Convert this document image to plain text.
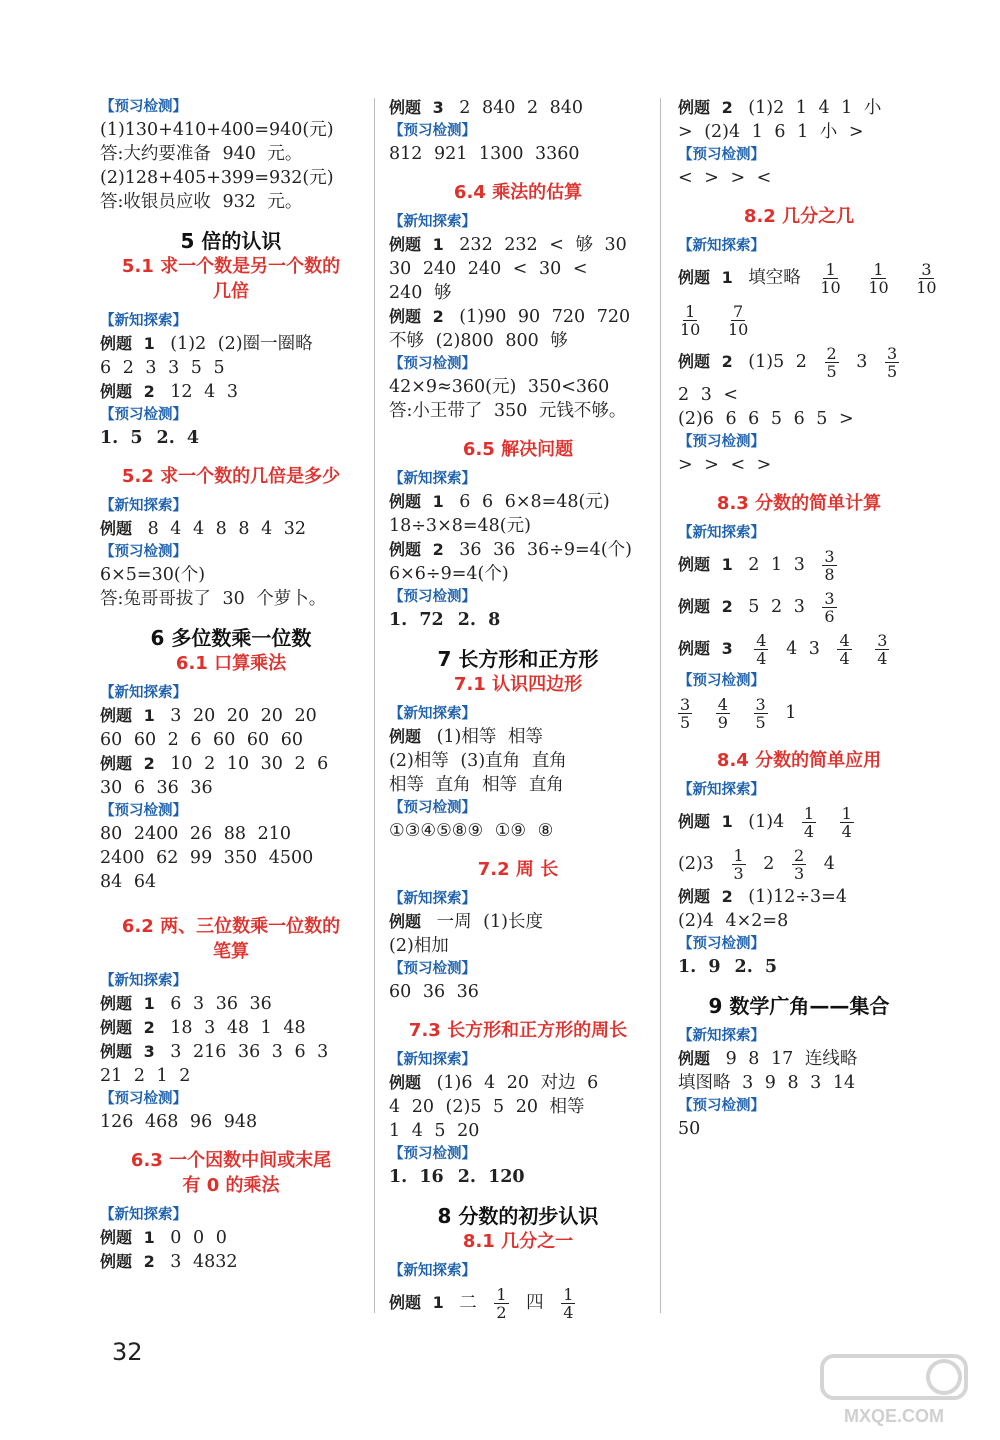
【预习检测】
(1)130+410+400=940(元)
答:大约要准备 940 元。
(2)128+405+399=932(元)
答:收银员应收 932 元。
5 倍的认识
5.1 求一个数是另一个数的
几倍
【新知探索】
例题 1 (1)2 (2)圈一圈略
6 2 3 3 5 5
例题 2 12 4 3
【预习检测】
1. 5 2. 4
5.2 求一个数的几倍是多少
【新知探索】
例题 8 4 4 8 8 4 32
【预习检测】
6×5=30(个)
答:兔哥哥拔了 30 个萝卜。
6 多位数乘一位数
6.1 口算乘法
【新知探索】
例题 1 3 20 20 20 20
60 60 2 6 60 60 60
例题 2 10 2 10 30 2 6
30 6 36 36
【预习检测】
80 2400 26 88 210
2400 62 99 350 4500
84 64
6.2 两、三位数乘一位数的
笔算
【新知探索】
例题 1 6 3 36 36
例题 2 18 3 48 1 48
例题 3 3 216 36 3 6 3
21 2 1 2
【预习检测】
126 468 96 948
6.3 一个因数中间或末尾
有 0 的乘法
【新知探索】
例题 1 0 0 0
例题 2 3 4832
例题 3 2 840 2 840
【预习检测】
812 921 1300 3360
6.4 乘法的估算
【新知探索】
例题 1 232 232 < 够 30
30 240 240 < 30 <
240 够
例题 2 (1)90 90 720 720
不够 (2)800 800 够
【预习检测】
42×9≈360(元) 350<360
答:小王带了 350 元钱不够。
6.5 解决问题
【新知探索】
例题 1 6 6 6×8=48(元)
18÷3×8=48(元)
例题 2 36 36 36÷9=4(个)
6×6÷9=4(个)
【预习检测】
1. 72 2. 8
7 长方形和正方形
7.1 认识四边形
【新知探索】
例题 (1)相等 相等
(2)相等 (3)直角 直角
相等 直角 相等 直角
【预习检测】
①③④⑤⑧⑨ ①⑨ ⑧
7.2 周 长
【新知探索】
例题 一周 (1)长度
(2)相加
【预习检测】
60 36 36
7.3 长方形和正方形的周长
【新知探索】
例题 (1)6 4 20 对边 6
4 20 (2)5 5 20 相等
1 4 5 20
【预习检测】
1. 16 2. 120
8 分数的初步认识
8.1 几分之一
【新知探索】
例题 1 二 $\frac{1}{2}$ 四 $\frac{1}{4}$
例题 2 (1)2 1 4 1 小
> (2)4 1 6 1 小 >
【预习检测】
< > > <
8.2 几分之几
【新知探索】
例题 1 填空略 $\frac{1}{10}$
$\frac{1}{10}$
$\frac{3}{10}$
$\frac{1}{10}$
$\frac{7}{10}$
例题 2 (1)5 $2 \frac{2}{5} 3 \frac{3}{5}$
2 3 <
(2)6 6 6 5 6 5 >
【预习检测】
> > < >
8.3 分数的简单计算
【新知探索】
例题 1 2 1 $3 \frac{3}{8}$
例题 2 5 2 $3 \frac{3}{6}$
例题 $3 \frac{4}{4} 4$ $3 \frac{4}{4}$
$\frac{3}{4}$
【预习检测】
$\frac{3}{5}$
$\frac{4}{9}$
$\frac{3}{5} 1$
8.4 分数的简单应用
【新知探索】
例题 1 $(1)4 \frac{1}{4}$
$\frac{1}{4}$
$(2)3 \frac{1}{3} 2 \frac{2}{3} 4$
例题 2 (1)12÷3=4
(2)4 4×2=8
【预习检测】
1. 9 2. 5
9 数学广角——集合
【新知探索】
例题 9 8 17 连线略
填图略 3 9 8 3 14
【预习检测】
50
32
MXQE.COM
